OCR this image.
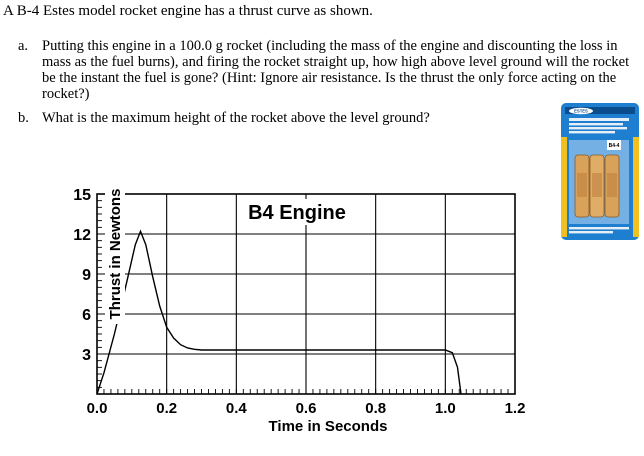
A B-4 Estes model rocket engine has a thrust curve as shown.
a. Putting this engine in a 100.0 g rocket (including the mass of the engine and discounting the loss in mass as the fuel burns), and firing the rocket straight up, how high above level ground will the rocket be the instant the fuel is gone? (Hint: Ignore air resistance. Is the thrust the only force acting on the rocket?)
b. What is the maximum height of the rocket above the level ground?	ESTES
B4-4
3
6
9
12
15
0.0	0.2	0.4	0.6	0.8	1.0	1.2
B4 Engine
Thrust in Newtons
Time in Seconds
